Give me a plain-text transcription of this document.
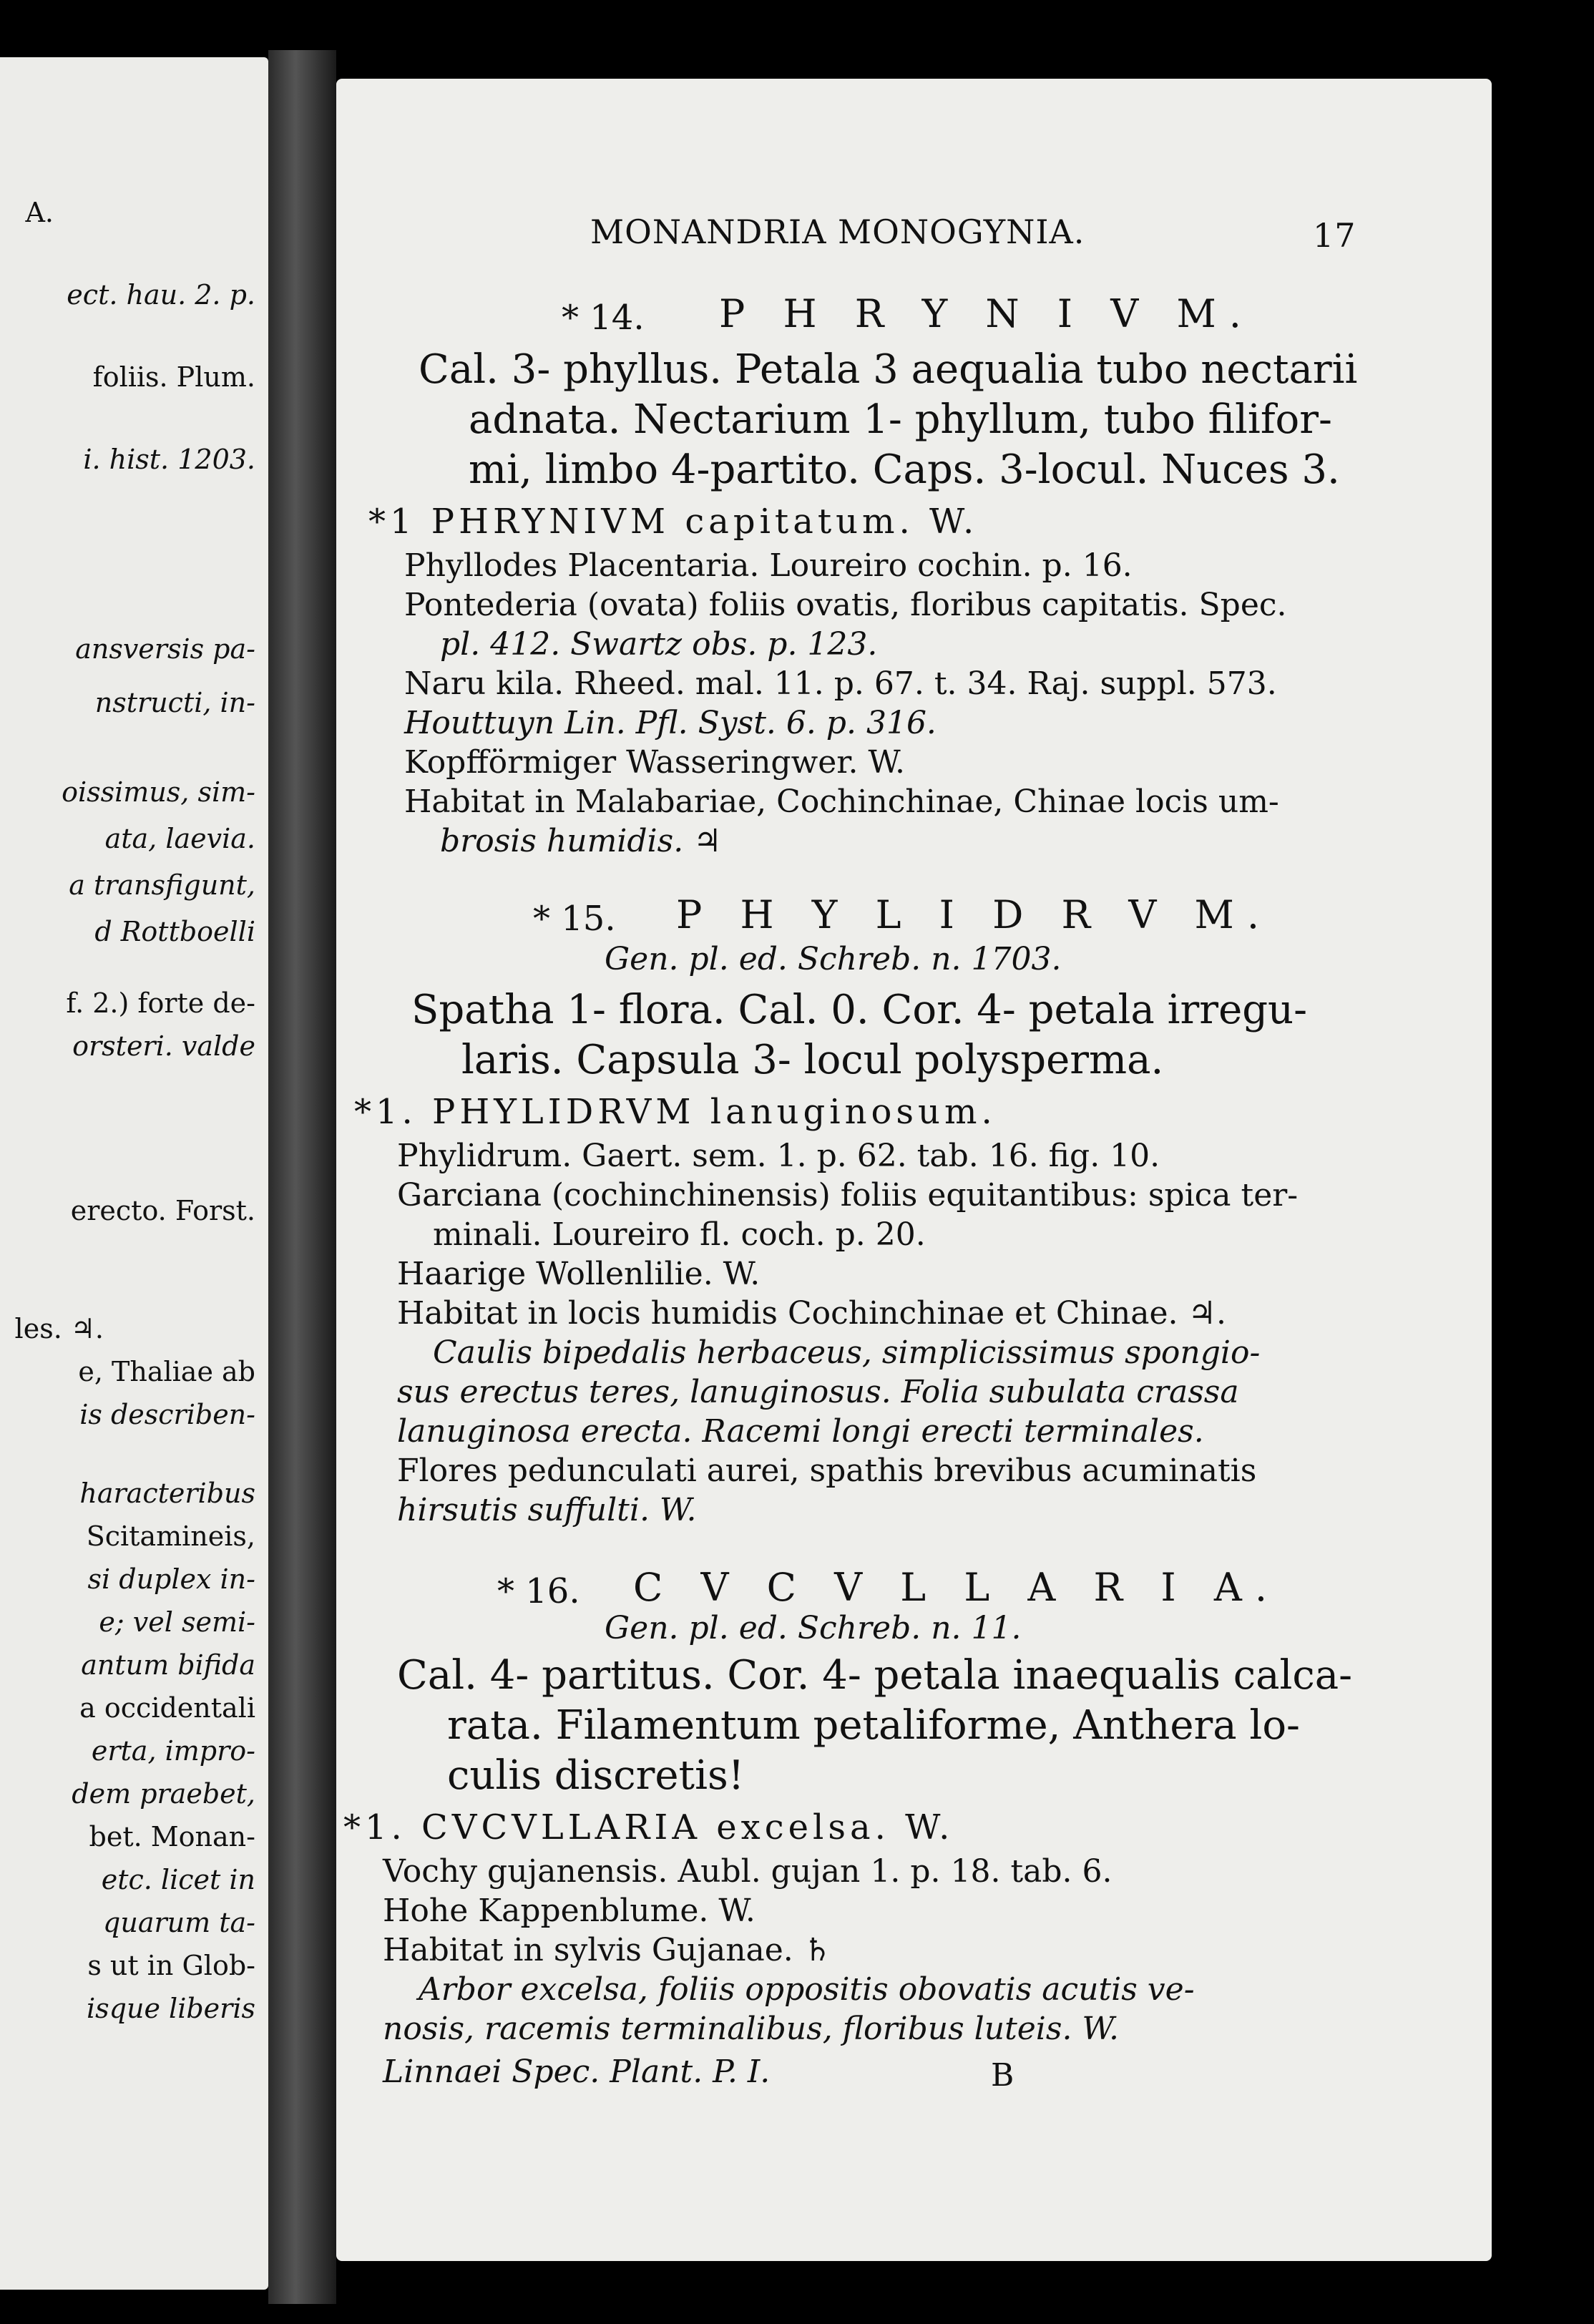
A.
ect. hau. 2. p.
foliis. Plum.
i. hist. 1203.
ansversis pa-
nstructi, in-
oissimus, sim-
ata, laevia.
a transfigunt,
d Rottboelli
f. 2.) forte de-
orsteri. valde
erecto. Forst.
les. ♃.
e, Thaliae ab
is describen-
haracteribus
Scitamineis,
si duplex in-
e; vel semi-
antum bifida
a occidentali
erta, impro-
dem praebet,
bet. Monan-
etc. licet in
quarum ta-
s ut in Glob-
isque liberis
MONANDRIA MONOGYNIA.	17
* 14. P H R Y N I V M.
Cal. 3- phyllus. Petala 3 aequalia tubo nectarii
adnata. Nectarium 1- phyllum, tubo filifor-
mi, limbo 4-partito. Caps. 3-locul. Nuces 3.
*1 PHRYNIVM capitatum. W.
Phyllodes Placentaria. Loureiro cochin. p. 16.
Pontederia (ovata) foliis ovatis, floribus capitatis. Spec.
pl. 412. Swartz obs. p. 123.
Naru kila. Rheed. mal. 11. p. 67. t. 34. Raj. suppl. 573.
Houttuyn Lin. Pfl. Syst. 6. p. 316.
Kopfförmiger Wasseringwer. W.
Habitat in Malabariae, Cochinchinae, Chinae locis um-
brosis humidis. ♃
* 15. P H Y L I D R V M.
Gen. pl. ed. Schreb. n. 1703.
Spatha 1- flora. Cal. 0. Cor. 4- petala irregu-
laris. Capsula 3- locul polysperma.
*1. PHYLIDRVM lanuginosum.
Phylidrum. Gaert. sem. 1. p. 62. tab. 16. fig. 10.
Garciana (cochinchinensis) foliis equitantibus: spica ter-
minali. Loureiro fl. coch. p. 20.
Haarige Wollenlilie. W.
Habitat in locis humidis Cochinchinae et Chinae. ♃.
Caulis bipedalis herbaceus, simplicissimus spongio-
sus erectus teres, lanuginosus. Folia subulata crassa
lanuginosa erecta. Racemi longi erecti terminales.
Flores pedunculati aurei, spathis brevibus acuminatis
hirsutis suffulti. W.
* 16. C V C V L L A R I A.
Gen. pl. ed. Schreb. n. 11.
Cal. 4- partitus. Cor. 4- petala inaequalis calca-
rata. Filamentum petaliforme, Anthera lo-
culis discretis!
*1. CVCVLLARIA excelsa. W.
Vochy gujanensis. Aubl. gujan 1. p. 18. tab. 6.
Hohe Kappenblume. W.
Habitat in sylvis Gujanae. ♄
Arbor excelsa, foliis oppositis obovatis acutis ve-
nosis, racemis terminalibus, floribus luteis. W.
Linnaei Spec. Plant. P. I.	B
